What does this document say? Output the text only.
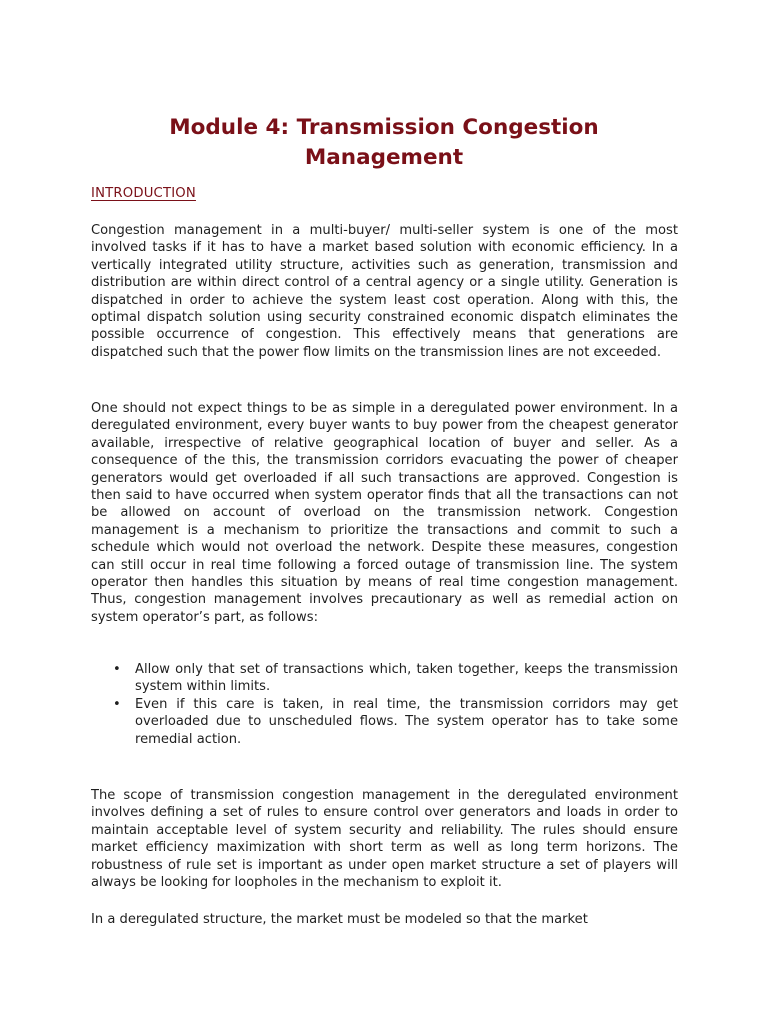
Module 4: Transmission Congestion Management
INTRODUCTION

Congestion management in a multi-buyer/ multi-seller system is one of the most involved tasks if it has to have a market based solution with economic efficiency. In a vertically integrated utility structure, activities such as generation, transmission and distribution are within direct control of a central agency or a single utility. Generation is dispatched in order to achieve the system least cost operation. Along with this, the optimal dispatch solution using security constrained economic dispatch eliminates the possible occurrence of congestion. This effectively means that generations are dispatched such that the power flow limits on the transmission lines are not exceeded.

One should not expect things to be as simple in a deregulated power environment. In a deregulated environment, every buyer wants to buy power from the cheapest generator available, irrespective of relative geographical location of buyer and seller. As a consequence of the this, the transmission corridors evacuating the power of cheaper generators would get overloaded if all such transactions are approved. Congestion is then said to have occurred when system operator finds that all the transactions can not be allowed on account of overload on the transmission network. Congestion management is a mechanism to prioritize the transactions and commit to such a schedule which would not overload the network. Despite these measures, congestion can still occur in real time following a forced outage of transmission line. The system operator then handles this situation by means of real time congestion management. Thus, congestion management involves precautionary as well as remedial action on system operator’s part, as follows:

• Allow only that set of transactions which, taken together, keeps the transmission system within limits.
• Even if this care is taken, in real time, the transmission corridors may get overloaded due to unscheduled flows. The system operator has to take some remedial action.

The scope of transmission congestion management in the deregulated environment involves defining a set of rules to ensure control over generators and loads in order to maintain acceptable level of system security and reliability. The rules should ensure market efficiency maximization with short term as well as long term horizons. The robustness of rule set is important as under open market structure a set of players will always be looking for loopholes in the mechanism to exploit it.

In a deregulated structure, the market must be modeled so that the market
